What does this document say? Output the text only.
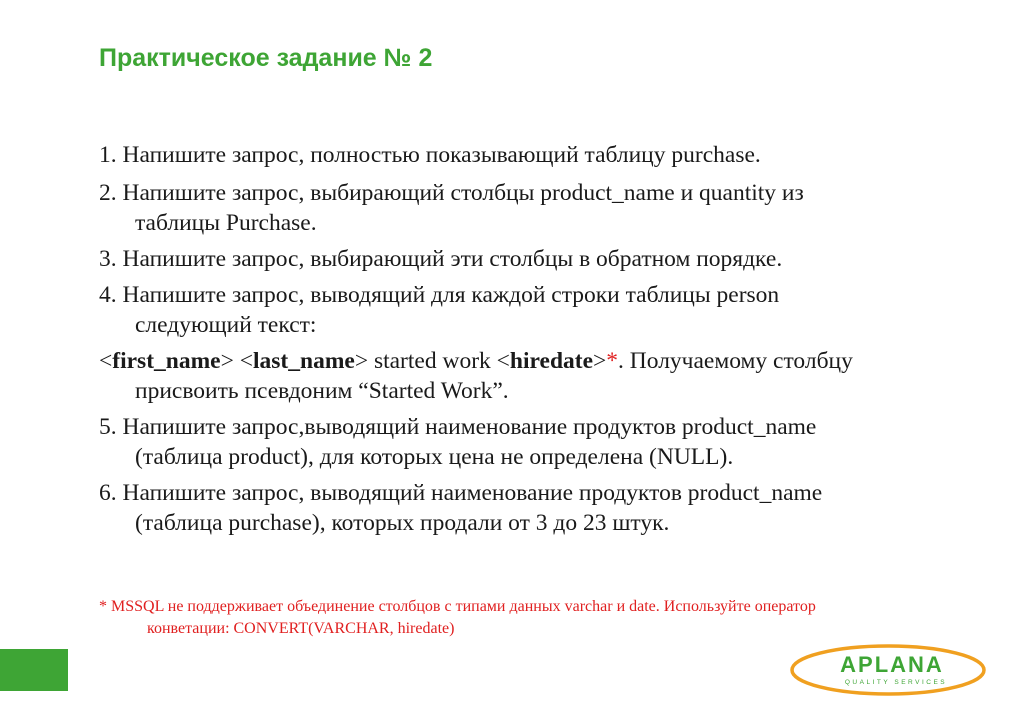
Практическое задание № 2
1. Напишите запрос, полностью показывающий таблицу purchase.
2. Напишите запрос, выбирающий столбцы product_name и quantity из
таблицы Purchase.
3. Напишите запрос, выбирающий эти столбцы в обратном порядке.
4. Напишите запрос, выводящий для каждой строки таблицы person
следующий текст:
<first_name> <last_name> started work <hiredate>*. Получаемому столбцу
присвоить псевдоним “Started Work”.
5. Напишите запрос,выводящий наименование продуктов product_name
(таблица product), для которых цена не определена (NULL).
6. Напишите запрос, выводящий наименование продуктов product_name
(таблица purchase), которых продали от 3 до 23 штук.
* MSSQL не поддерживает объединение столбцов с типами данных varchar и date. Используйте оператор
конветации: CONVERT(VARCHAR, hiredate)
APLANA
QUALITY SERVICES
